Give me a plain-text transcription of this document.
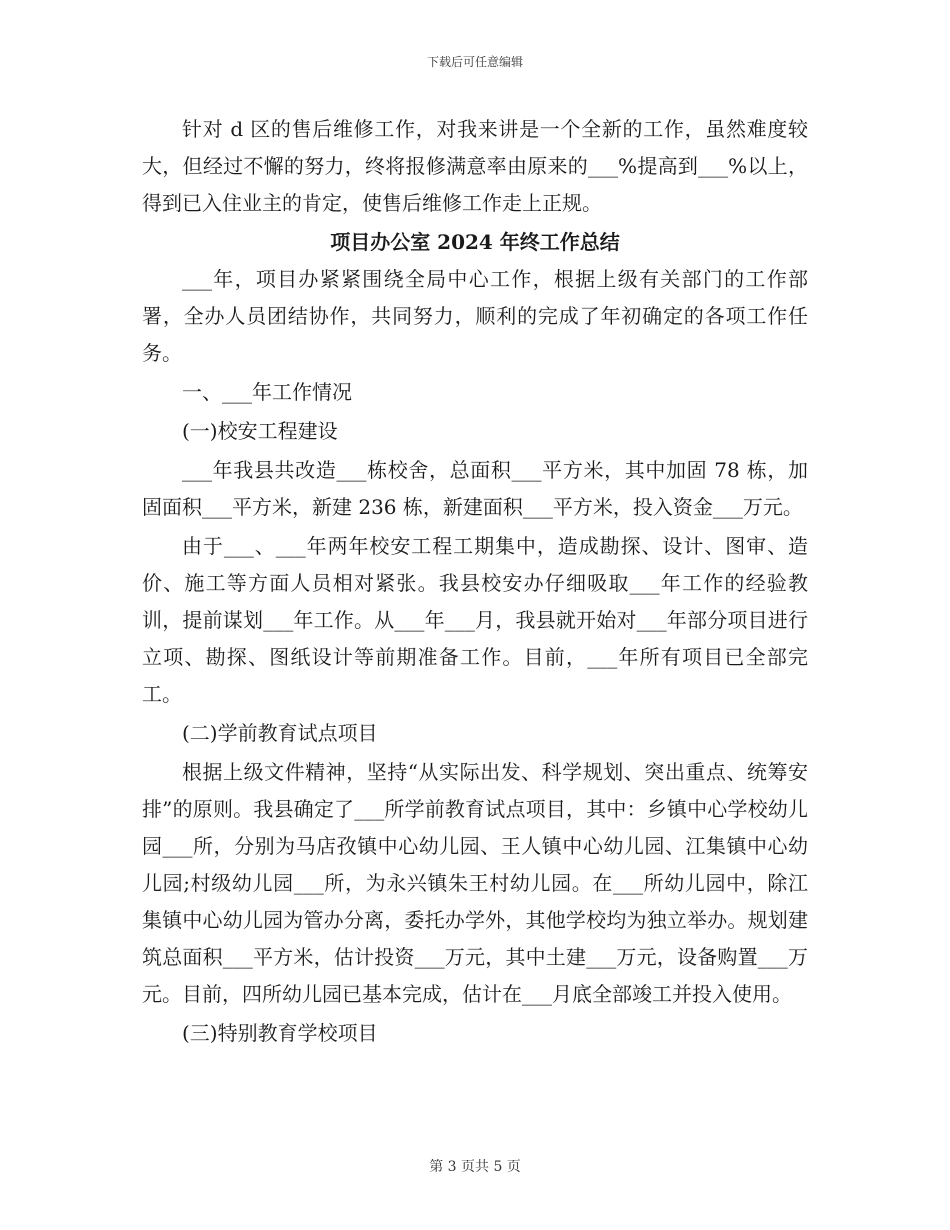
下载后可任意编辑

针对 d 区的售后维修工作，对我来讲是一个全新的工作，虽然难度较大，但经过不懈的努力，终将报修满意率由原来的___%提高到___%以上，得到已入住业主的肯定，使售后维修工作走上正规。

项目办公室 2024 年终工作总结

___年，项目办紧紧围绕全局中心工作，根据上级有关部门的工作部署，全办人员团结协作，共同努力，顺利的完成了年初确定的各项工作任务。

一、___年工作情况

(一)校安工程建设

___年我县共改造___栋校舍，总面积___平方米，其中加固 78 栋，加固面积___平方米，新建 236 栋，新建面积___平方米，投入资金___万元。

由于___、___年两年校安工程工期集中，造成勘探、设计、图审、造价、施工等方面人员相对紧张。我县校安办仔细吸取___年工作的经验教训，提前谋划___年工作。从___年___月，我县就开始对___年部分项目进行立项、勘探、图纸设计等前期准备工作。目前，___年所有项目已全部完工。

(二)学前教育试点项目

根据上级文件精神，坚持“从实际出发、科学规划、突出重点、统筹安排”的原则。我县确定了___所学前教育试点项目，其中：乡镇中心学校幼儿园___所，分别为马店孜镇中心幼儿园、王人镇中心幼儿园、江集镇中心幼儿园;村级幼儿园___所，为永兴镇朱王村幼儿园。在___所幼儿园中，除江集镇中心幼儿园为管办分离，委托办学外，其他学校均为独立举办。规划建筑总面积___平方米，估计投资___万元，其中土建___万元，设备购置___万元。目前，四所幼儿园已基本完成，估计在___月底全部竣工并投入使用。

(三)特别教育学校项目

第 3 页共 5 页
